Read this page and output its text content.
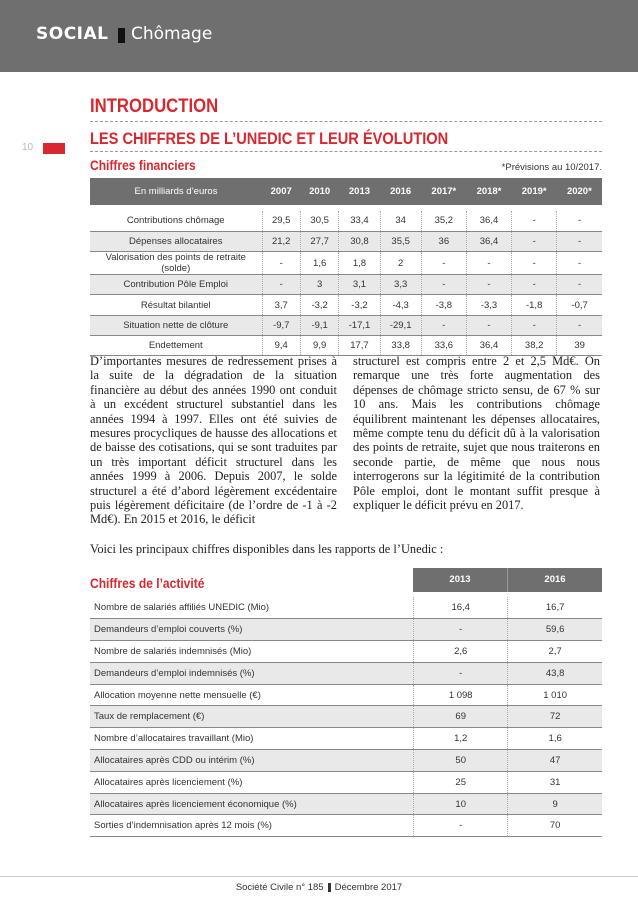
SOCIAL Chômage
10
INTRODUCTION
LES CHIFFRES DE L’UNEDIC ET LEUR ÉVOLUTION
Chiffres financiers	*Prévisions au 10/2017.
En milliards d’euros	2007	2010	2013	2016	2017*	2018*	2019*	2020*

Contributions chômage	29,5	30,5	33,4	34	35,2	36,4	-	-
Dépenses allocataires	21,2	27,7	30,8	35,5	36	36,4	-	-
Valorisation des points de retraite (solde)	-	1,6	1,8	2	-	-	-	-
Contribution Pôle Emploi	-	3	3,1	3,3	-	-	-	-
Résultat bilantiel	3,7	-3,2	-3,2	-4,3	-3,8	-3,3	-1,8	-0,7
Situation nette de clôture	-9,7	-9,1	-17,1	-29,1	-	-	-	-
Endettement	9,4	9,9	17,7	33,8	33,6	36,4	38,2	39
D’importantes mesures de redressement prises à la suite de la dégradation de la situation financière au début des années 1990 ont conduit à un excédent structurel substantiel dans les années 1994 à 1997. Elles ont été suivies de mesures procycliques de hausse des allocations et de baisse des cotisations, qui se sont traduites par un très important déficit structurel dans les années 1999 à 2006. Depuis 2007, le solde structurel a été d’abord légèrement excédentaire puis légèrement déficitaire (de l’ordre de -1 à -2 Md€). En 2015 et 2016, le déficit
structurel est compris entre 2 et 2,5 Md€. On remarque une très forte augmentation des dépenses de chômage stricto sensu, de 67 % sur 10 ans. Mais les contributions chômage équilibrent maintenant les dépenses allocataires, même compte tenu du déficit dû à la valorisation des points de retraite, sujet que nous traiterons en seconde partie, de même que nous nous interrogerons sur la légitimité de la contribution Pôle emploi, dont le montant suffit presque à expliquer le déficit prévu en 2017.
Voici les principaux chiffres disponibles dans les rapports de l’Unedic :
Chiffres de l’activité	2013	2016
Nombre de salariés affiliés UNEDIC (Mio)	16,4	16,7
Demandeurs d’emploi couverts (%)	-	59,6
Nombre de salariés indemnisés (Mio)	2,6	2,7
Demandeurs d’emploi indemnisés (%)	-	43,8
Allocation moyenne nette mensuelle (€)	1 098	1 010
Taux de remplacement (€)	69	72
Nombre d’allocataires travaillant (Mio)	1,2	1,6
Allocataires après CDD ou intérim (%)	50	47
Allocataires après licenciement (%)	25	31
Allocataires après licenciement économique (%)	10	9
Sorties d’indemnisation après 12 mois (%)	-	70
Société Civile n° 185 Décembre 2017
